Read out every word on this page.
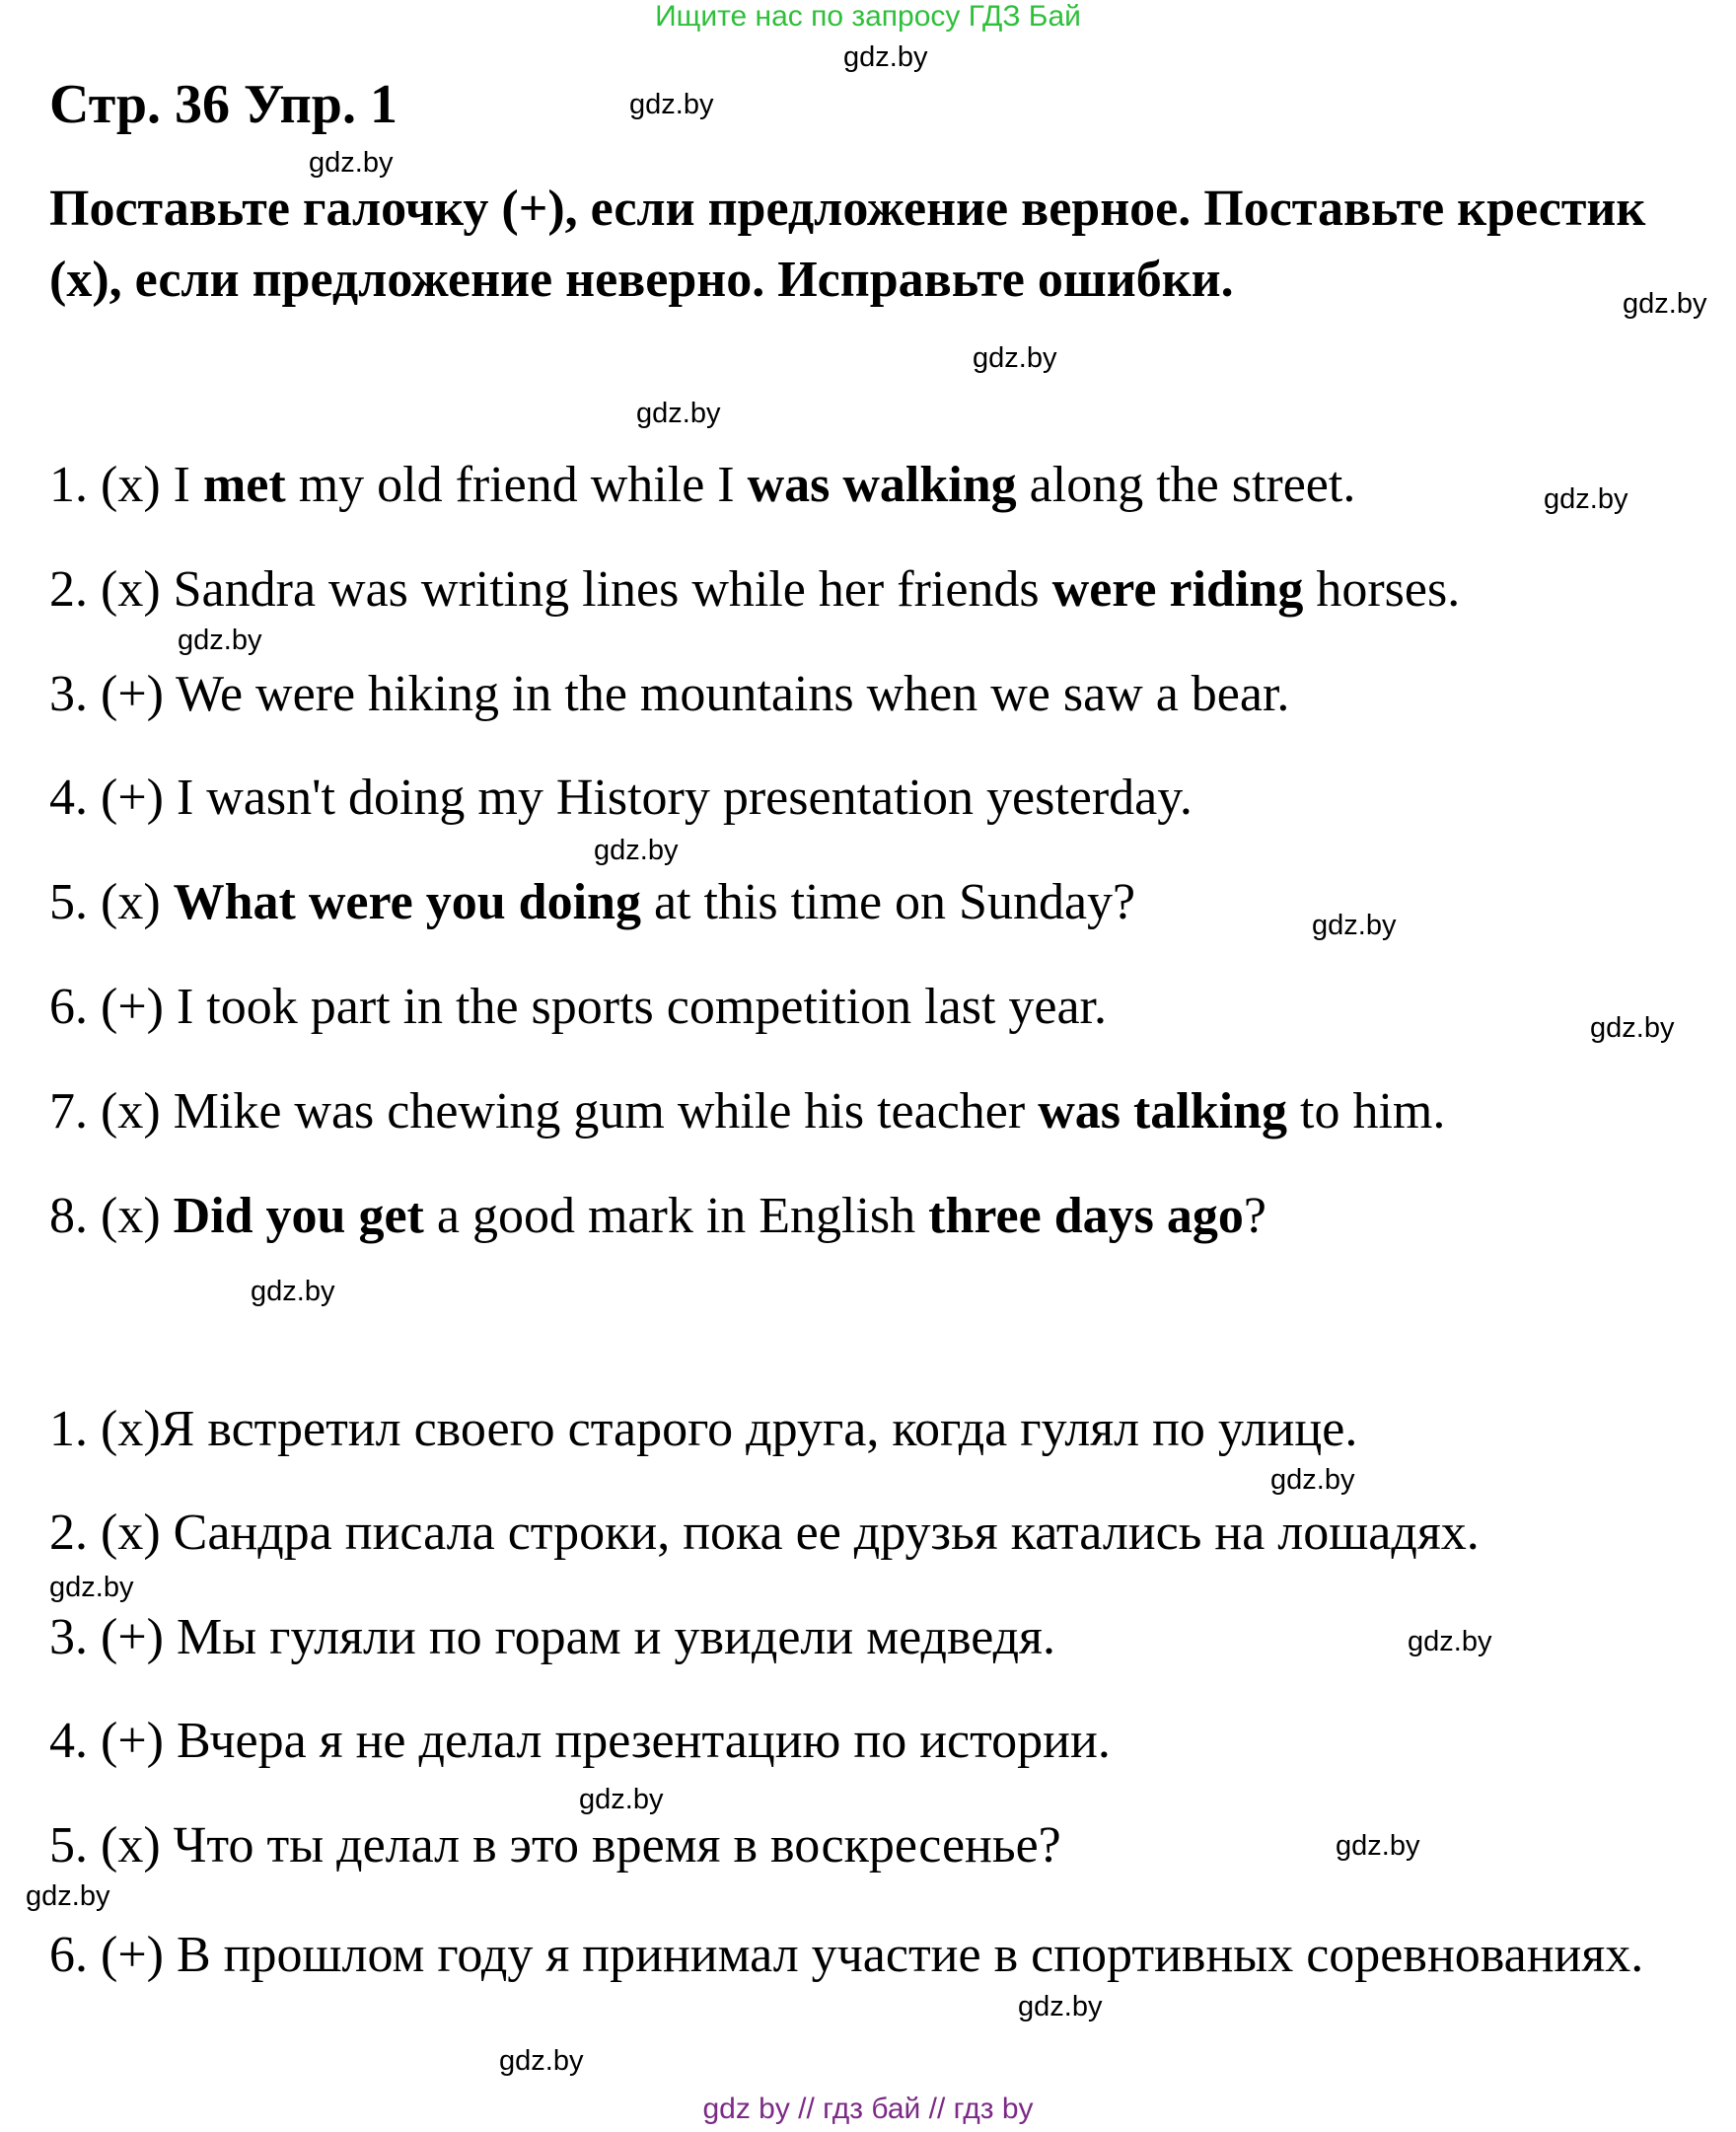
Ищите нас по запросу ГДЗ Бай
Стр. 36 Упр. 1

Поставьте галочку (+), если предложение верное. Поставьте крестик (x), если предложение неверно. Исправьте ошибки.

1. (x) I met my old friend while I was walking along the street.
2. (x) Sandra was writing lines while her friends were riding horses.
3. (+) We were hiking in the mountains when we saw a bear.
4. (+) I wasn't doing my History presentation yesterday.
5. (x) What were you doing at this time on Sunday?
6. (+) I took part in the sports competition last year.
7. (x) Mike was chewing gum while his teacher was talking to him.
8. (x) Did you get a good mark in English three days ago?
1. (x)Я встретил своего старого друга, когда гулял по улице.
2. (x) Сандра писала строки, пока ее друзья катались на лошадях.
3. (+) Мы гуляли по горам и увидели медведя.
4. (+) Вчера я не делал презентацию по истории.
5. (x) Что ты делал в это время в воскресенье?
6. (+) В прошлом году я принимал участие в спортивных соревнованиях.
gdz.by
gdz.by
gdz.by
gdz.by
gdz.by
gdz.by
gdz.by
gdz.by
gdz.by
gdz.by
gdz.by
gdz.by
gdz.by
gdz.by
gdz.by
gdz.by
gdz.by
gdz.by
gdz.by
gdz.by
gdz by // гдз бай // гдз by
